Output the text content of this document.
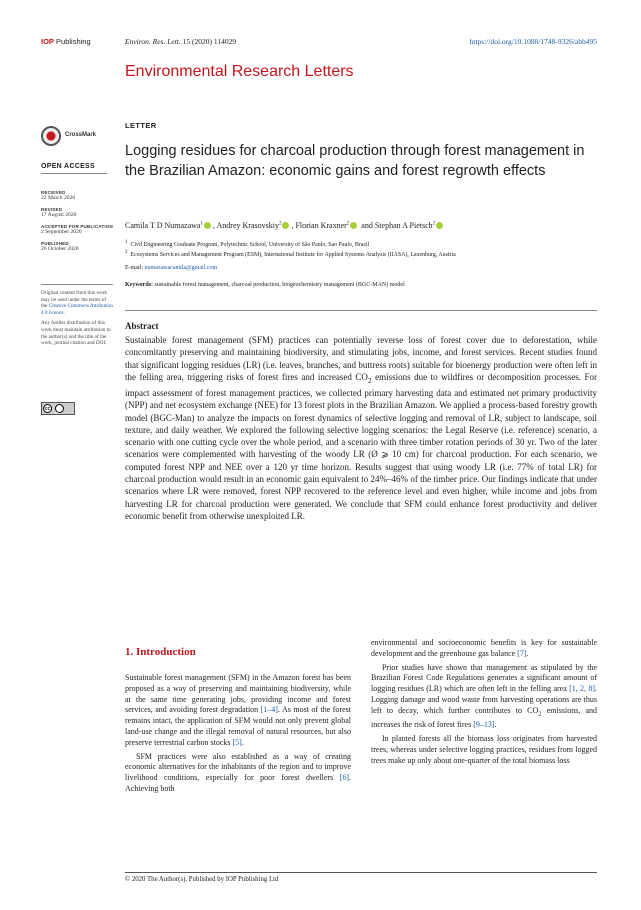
IOP Publishing	Environ. Res. Lett. 15 (2020) 114029	https://doi.org/10.1088/1748-9326/abb495
Environmental Research Letters
CrossMark
OPEN ACCESS
RECEIVED
22 March 2020
REVISED
17 August 2020
ACCEPTED FOR PUBLICATION
2 September 2020
PUBLISHED
26 October 2020

Original content from this work may be used under the terms of the Creative Commons Attribution 4.0 licence.

Any further distribution of this work must maintain attribution to the author(s) and the title of the work, journal citation and DOI.

cc
BY
LETTER
Logging residues for charcoal production through forest management in the Brazilian Amazon: economic gains and forest regrowth effects
Camila T D Numazawa$^1$ , Andrey Krasovskiy$^2$ , Florian Kraxner$^2$ and Stephan A Pietsch$^2$
$^1$ Civil Engineering Graduate Program, Polytechnic School, University of São Paulo, Sao Paulo, Brazil
$^2$ Ecosystems Services and Management Program (ESM), International Institute for Applied Systems Analysis (IIASA), Laxenburg, Austria
E-mail: numazawacamila@gmail.com
Keywords: sustainable forest management, charcoal production, biogeochemistry management (BGC-MAN) model
Abstract

Sustainable forest management (SFM) practices can potentially reverse loss of forest cover due to deforestation, while concomitantly preserving and maintaining biodiversity, and stimulating jobs, income, and forest services. Recent studies found that significant logging residues (LR) (i.e. leaves, branches, and buttress roots) suitable for bioenergy production were often left in the felling area, triggering risks of forest fires and increased $CO_2$ emissions due to wildfires or decomposition processes. For impact assessment of forest management practices, we collected primary harvesting data and estimated net primary productivity (NPP) and net ecosystem exchange (NEE) for 13 forest plots in the Brazilian Amazon. We applied a process-based forestry growth model (BGC-Man) to analyze the impacts on forest dynamics of selective logging and removal of LR, subject to landscape, soil texture, and daily weather. We explored the following selective logging scenarios: the Legal Reserve (i.e. reference) scenario, a scenario with one cutting cycle over the whole period, and a scenario with three timber rotation periods of 30 yr. Two of the later scenarios were complemented with harvesting of the woody LR (Ø ⩾ 10 cm) for charcoal production. For each scenario, we computed forest NPP and NEE over a 120 yr time horizon. Results suggest that using woody LR (i.e. 77% of total LR) for charcoal production would result in an economic gain equivalent to 24%–46% of the timber price. Our findings indicate that under scenarios where LR were removed, forest NPP recovered to the reference level and even higher, while income and jobs from harvesting LR for charcoal production were generated. We conclude that SFM could enhance forest productivity and deliver economic benefit from otherwise unexploited LR.

1. Introduction

Sustainable forest management (SFM) in the Amazon forest has been proposed as a way of preserving and maintaining biodiversity, while at the same time generating jobs, providing income and forest services, and avoiding forest degradation [1–4]. As most of the forest remains intact, the application of SFM would not only prevent global land-use change and the illegal removal of natural resources, but also preserve terrestrial carbon stocks [5].

SFM practices were also established as a way of creating economic alternatives for the inhabitants of the region and to improve livelihood conditions, especially for poor forest dwellers [6]. Achieving both

environmental and socioeconomic benefits is key for sustainable development and the greenhouse gas balance [7].

Prior studies have shown that management as stipulated by the Brazilian Forest Code Regulations generates a significant amount of logging residues (LR) which are often left in the felling area [1, 2, 8]. Logging damage and wood waste from harvesting operations are thus left to decay, which further contributes to $CO_2$ emissions, and increases the risk of forest fires [9–13].

In planted forests all the biomass loss originates from harvested trees, whereas under selective logging practices, residues from logged trees make up only about one-quarter of the total biomass loss

© 2020 The Author(s). Published by IOP Publishing Ltd
